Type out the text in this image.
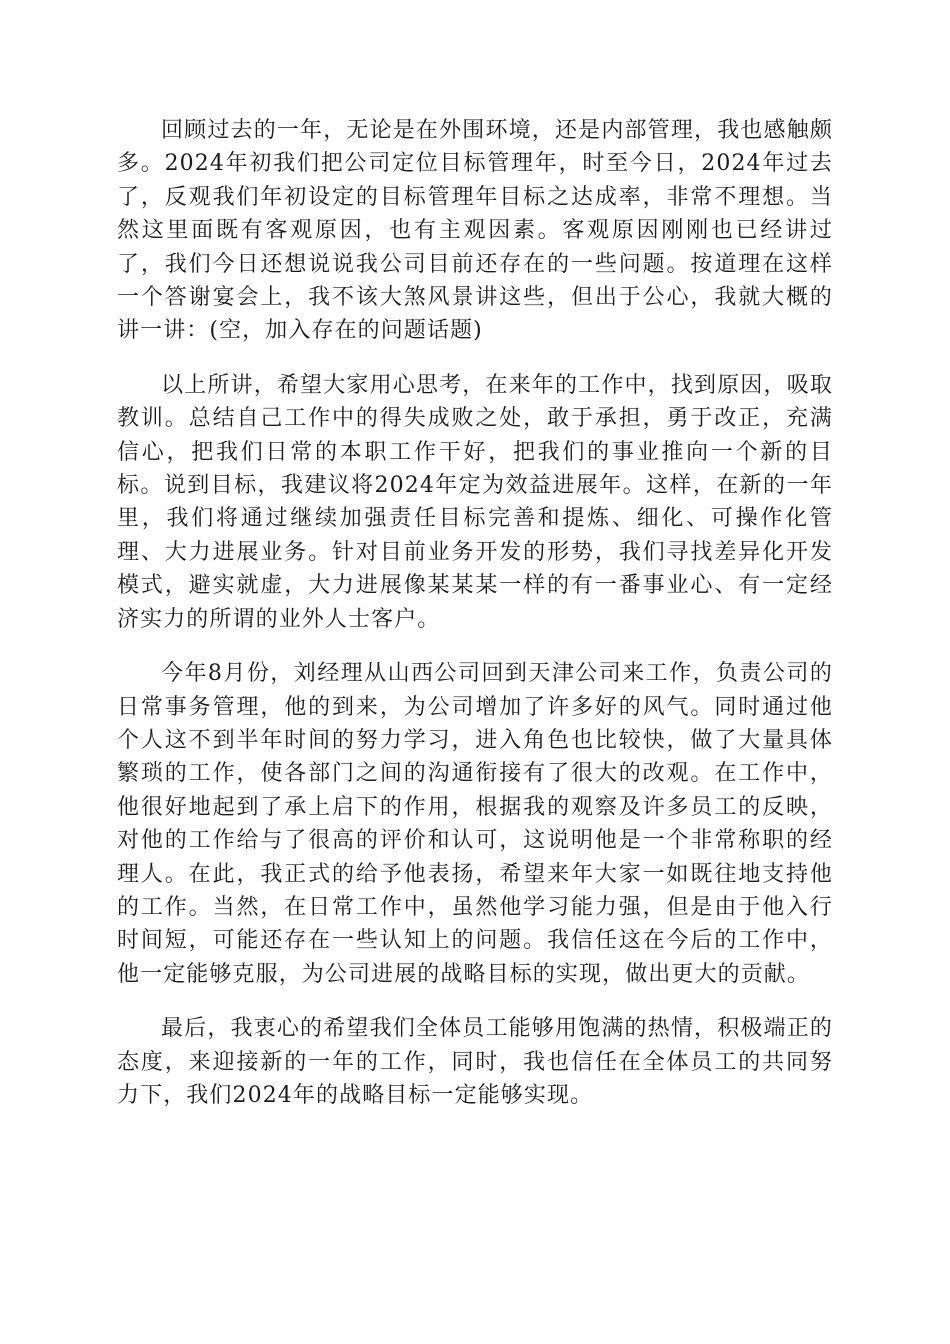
回顾过去的一年，无论是在外围环境，还是内部管理，我也感触颇多。2024年初我们把公司定位目标管理年，时至今日，2024年过去了，反观我们年初设定的目标管理年目标之达成率，非常不理想。当然这里面既有客观原因，也有主观因素。客观原因刚刚也已经讲过了，我们今日还想说说我公司目前还存在的一些问题。按道理在这样一个答谢宴会上，我不该大煞风景讲这些，但出于公心，我就大概的讲一讲：(空，加入存在的问题话题)

以上所讲，希望大家用心思考，在来年的工作中，找到原因，吸取教训。总结自己工作中的得失成败之处，敢于承担，勇于改正，充满信心，把我们日常的本职工作干好，把我们的事业推向一个新的目标。说到目标，我建议将2024年定为效益进展年。这样，在新的一年里，我们将通过继续加强责任目标完善和提炼、细化、可操作化管理、大力进展业务。针对目前业务开发的形势，我们寻找差异化开发模式，避实就虚，大力进展像某某某一样的有一番事业心、有一定经济实力的所谓的业外人士客户。

今年8月份，刘经理从山西公司回到天津公司来工作，负责公司的日常事务管理，他的到来，为公司增加了许多好的风气。同时通过他个人这不到半年时间的努力学习，进入角色也比较快，做了大量具体繁琐的工作，使各部门之间的沟通衔接有了很大的改观。在工作中，他很好地起到了承上启下的作用，根据我的观察及许多员工的反映，对他的工作给与了很高的评价和认可，这说明他是一个非常称职的经理人。在此，我正式的给予他表扬，希望来年大家一如既往地支持他的工作。当然，在日常工作中，虽然他学习能力强，但是由于他入行时间短，可能还存在一些认知上的问题。我信任这在今后的工作中，他一定能够克服，为公司进展的战略目标的实现，做出更大的贡献。

最后，我衷心的希望我们全体员工能够用饱满的热情，积极端正的态度，来迎接新的一年的工作，同时，我也信任在全体员工的共同努力下，我们2024年的战略目标一定能够实现。
